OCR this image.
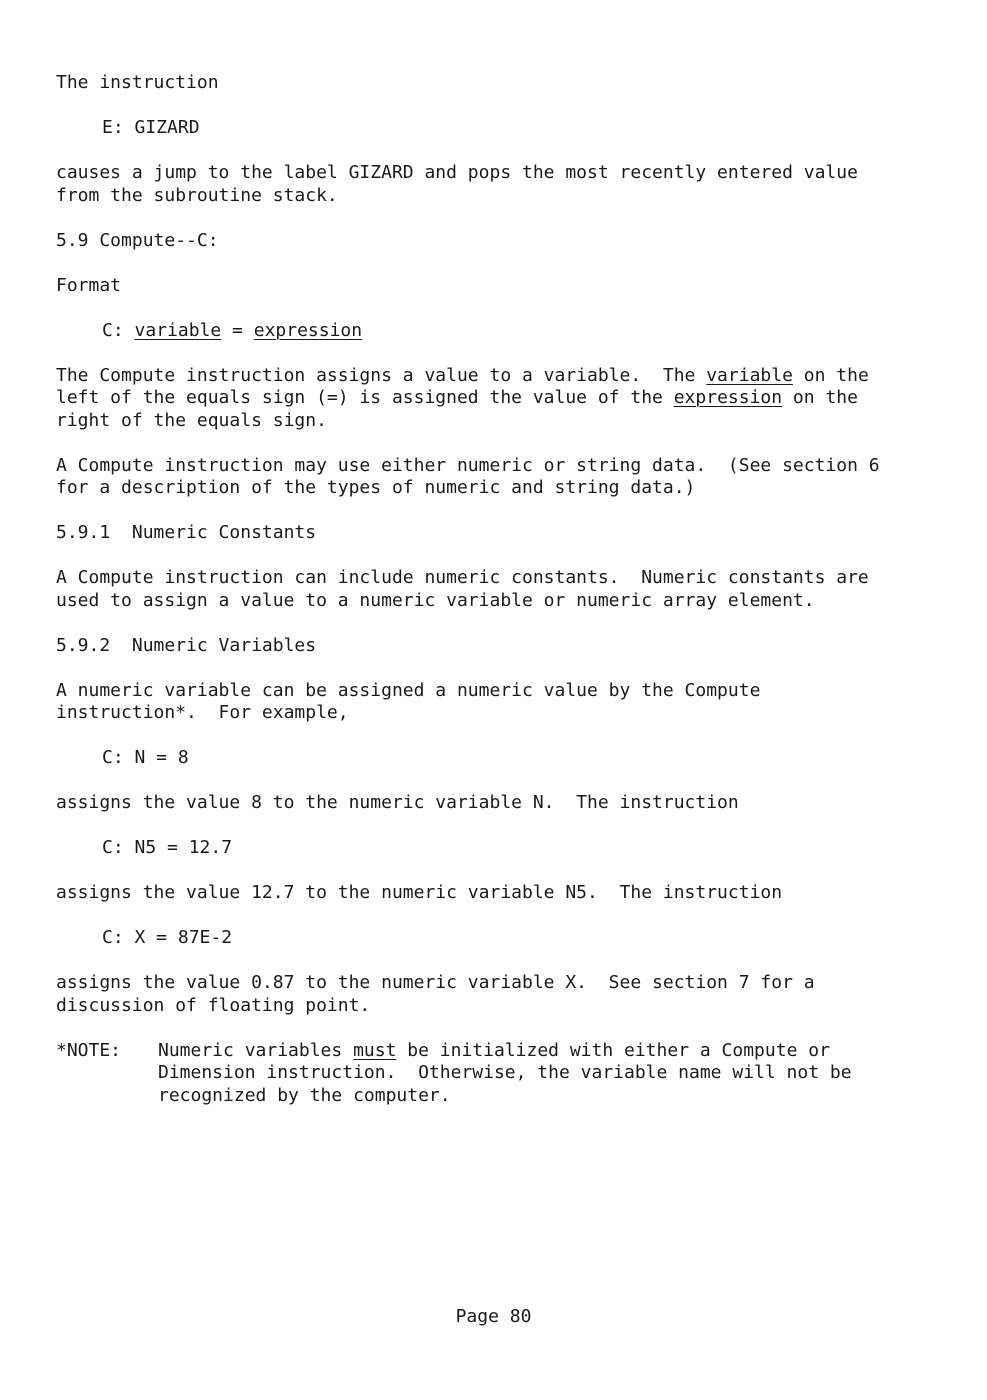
The instruction

E: GIZARD

causes a jump to the label GIZARD and pops the most recently entered value

from the subroutine stack.

5.9 Compute--C:

Format

C: variable = expression

The Compute instruction assigns a value to a variable.  The variable on the

left of the equals sign (=) is assigned the value of the expression on the

right of the equals sign.

A Compute instruction may use either numeric or string data.  (See section 6

for a description of the types of numeric and string data.)

5.9.1  Numeric Constants

A Compute instruction can include numeric constants.  Numeric constants are

used to assign a value to a numeric variable or numeric array element.

5.9.2  Numeric Variables

A numeric variable can be assigned a numeric value by the Compute

instruction*.  For example,

C: N = 8

assigns the value 8 to the numeric variable N.  The instruction

C: N5 = 12.7

assigns the value 12.7 to the numeric variable N5.  The instruction

C: X = 87E-2

assigns the value 0.87 to the numeric variable X.  See section 7 for a

discussion of floating point.

*NOTE:	Numeric variables must be initialized with either a Compute or

Dimension instruction.  Otherwise, the variable name will not be

recognized by the computer.

Page 80
